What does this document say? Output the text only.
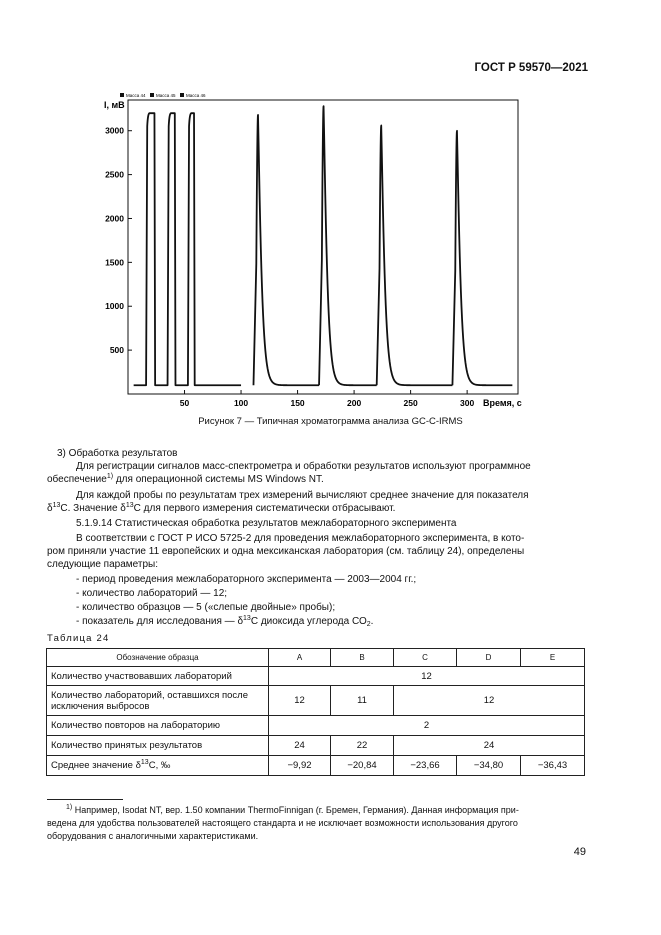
ГОСТ Р 59570—2021
Масса 44 Масса 45 Масса 46
I, мВ
Время, с
500
1000
1500
2000
2500
3000
50	100	150	200	250	300
Рисунок 7 — Типичная хроматограмма анализа GC-C-IRMS
3) Обработка результатов
Для регистрации сигналов масс-спектрометра и обработки результатов используют программное
обеспечение$^{1)}$ для операционной системы MS Windows NT.
Для каждой пробы по результатам трех измерений вычисляют среднее значение для показателя
$\delta^{13}С$. Значение $\delta^{13}С$ для первого измерения систематически отбрасывают.
5.1.9.14 Статистическая обработка результатов межлабораторного эксперимента
В соответствии с ГОСТ Р ИСО 5725-2 для проведения межлабораторного эксперимента, в кото-
ром приняли участие 11 европейских и одна мексиканская лаборатория (см. таблицу 24), определены
следующие параметры:
- период проведения межлабораторного эксперимента — 2003—2004 гг.;
- количество лабораторий — 12;
- количество образцов — 5 («слепые двойные» пробы);
- показатель для исследования — $\delta^{13}С$ диоксида углерода $СО_2$.
Таблица 24
Обозначение образца	A	B	C	D	E
Количество участвовавших лабораторий	12				
Количество лабораторий, оставшихся после
исключения выбросов	12	11	12		
Количество повторов на лабораторию	2				
Количество принятых результатов	24	22	24		
Среднее значение $\delta^{13}С$, ‰	−9,92	−20,84	−23,66	−34,80	−36,43
$^{1)}$ Например, Isodat NT, вер. 1.50 компании ThermoFinnigan (г. Бремен, Германия). Данная информация при-
ведена для удобства пользователей настоящего стандарта и не исключает возможности использования другого
оборудования с аналогичными характеристиками.
49
